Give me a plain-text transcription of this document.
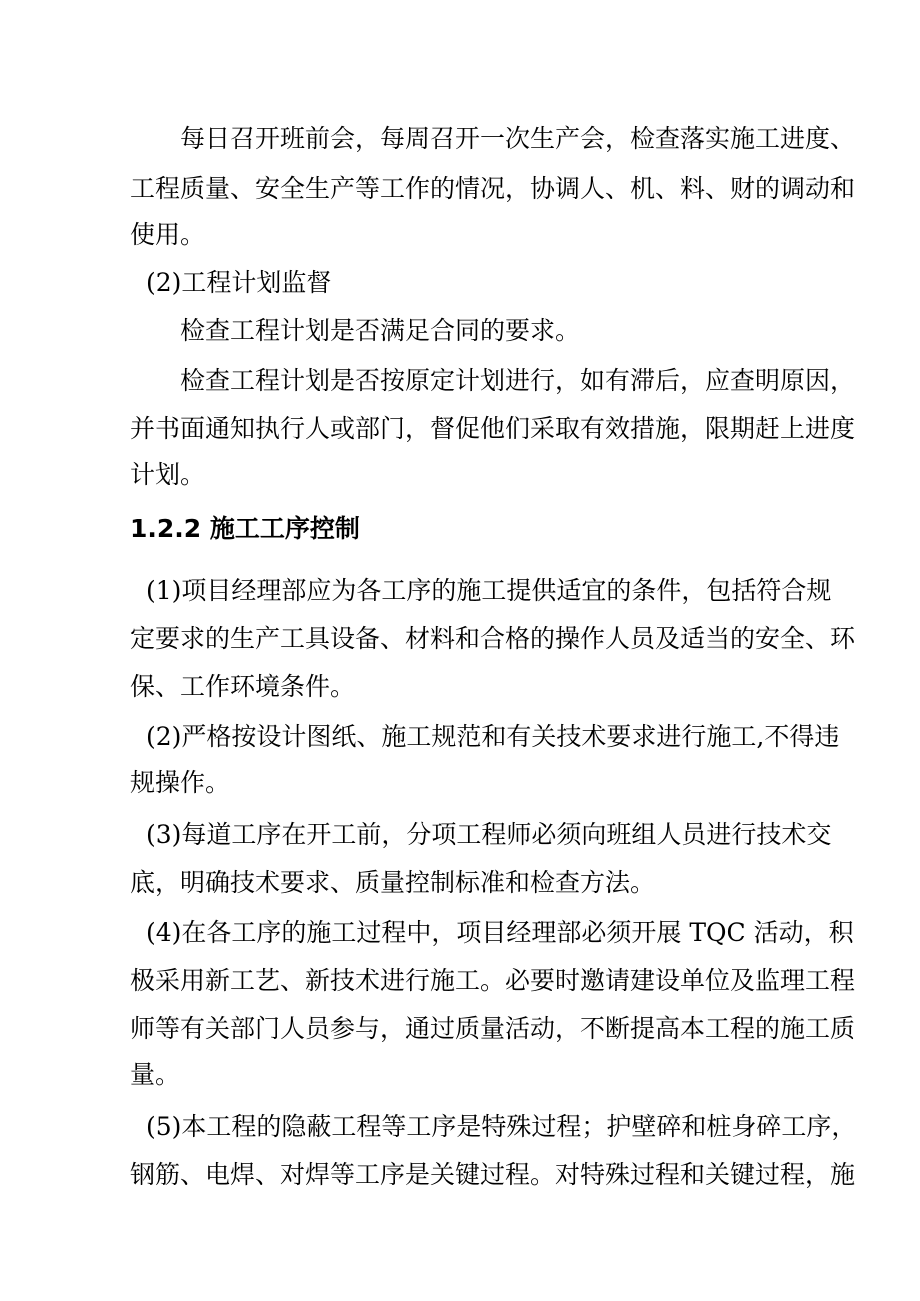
每日召开班前会，每周召开一次生产会，检查落实施工进度、
工程质量、安全生产等工作的情况，协调人、机、料、财的调动和
使用。
(2)工程计划监督
检查工程计划是否满足合同的要求。
检查工程计划是否按原定计划进行，如有滞后，应查明原因，
并书面通知执行人或部门，督促他们采取有效措施，限期赶上进度
计划。
1.2.2 施工工序控制
(1)项目经理部应为各工序的施工提供适宜的条件，包括符合规
定要求的生产工具设备、材料和合格的操作人员及适当的安全、环
保、工作环境条件。
(2)严格按设计图纸、施工规范和有关技术要求进行施工,不得违
规操作。
(3)每道工序在开工前，分项工程师必须向班组人员进行技术交
底，明确技术要求、质量控制标准和检查方法。
(4)在各工序的施工过程中，项目经理部必须开展 TQC 活动，积
极采用新工艺、新技术进行施工。必要时邀请建设单位及监理工程
师等有关部门人员参与，通过质量活动，不断提高本工程的施工质
量。
(5)本工程的隐蔽工程等工序是特殊过程；护壁碎和桩身碎工序，
钢筋、电焊、对焊等工序是关键过程。对特殊过程和关键过程，施
